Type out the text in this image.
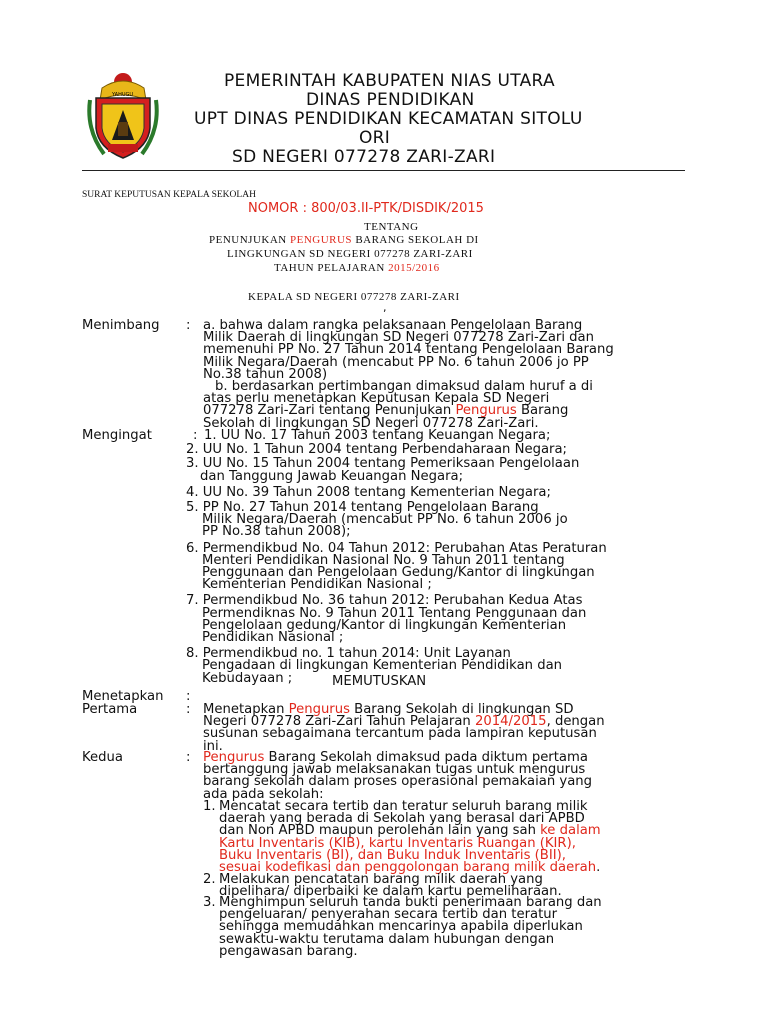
YAHUGU
PEMERINTAH KABUPATEN NIAS UTARA
DINAS PENDIDIKAN
UPT DINAS PENDIDIKAN KECAMATAN SITOLU
ORI
SD NEGERI 077278 ZARI-ZARI
SURAT KEPUTUSAN KEPALA SEKOLAH
NOMOR : 800/03.II-PTK/DISDIK/2015
TENTANG
PENUNJUKAN PENGURUS BARANG SEKOLAH DI
LINGKUNGAN SD NEGERI 077278 ZARI-ZARI
TAHUN PELAJARAN 2015/2016
KEPALA SD NEGERI 077278 ZARI-ZARI
,
Menimbang : a. bahwa dalam rangka pelaksanaan Pengelolaan Barang
Milik Daerah di lingkungan SD Negeri 077278 Zari-Zari dan
memenuhi PP No. 27 Tahun 2014 tentang Pengelolaan Barang
Milik Negara/Daerah (mencabut PP No. 6 tahun 2006 jo PP
No.38 tahun 2008)
b. berdasarkan pertimbangan dimaksud dalam huruf a di
atas perlu menetapkan Keputusan Kepala SD Negeri
077278 Zari-Zari tentang Penunjukan Pengurus Barang
Sekolah di lingkungan SD Negeri 077278 Zari-Zari.
Mengingat	: 1. UU No. 17 Tahun 2003 tentang Keuangan Negara;
2. UU No. 1 Tahun 2004 tentang Perbendaharaan Negara;
3. UU No. 15 Tahun 2004 tentang Pemeriksaan Pengelolaan
dan Tanggung Jawab Keuangan Negara;
4. UU No. 39 Tahun 2008 tentang Kementerian Negara;
5. PP No. 27 Tahun 2014 tentang Pengelolaan Barang
Milik Negara/Daerah (mencabut PP No. 6 tahun 2006 jo
PP No.38 tahun 2008);
6. Permendikbud No. 04 Tahun 2012: Perubahan Atas Peraturan
Menteri Pendidikan Nasional No. 9 Tahun 2011 tentang
Penggunaan dan Pengelolaan Gedung/Kantor di lingkungan
Kementerian Pendidikan Nasional ;
7. Permendikbud No. 36 tahun 2012: Perubahan Kedua Atas
Permendiknas No. 9 Tahun 2011 Tentang Penggunaan dan
Pengelolaan gedung/Kantor di lingkungan Kementerian
Pendidikan Nasional ;
8. Permendikbud no. 1 tahun 2014: Unit Layanan
Pengadaan di lingkungan Kementerian Pendidikan dan
Kebudayaan ;	MEMUTUSKAN
Menetapkan :
Pertama	: Menetapkan Pengurus Barang Sekolah di lingkungan SD
Negeri 077278 Zari-Zari Tahun Pelajaran 2014/2015, dengan
susunan sebagaimana tercantum pada lampiran keputusan
ini.
Kedua	: Pengurus Barang Sekolah dimaksud pada diktum pertama
bertanggung jawab melaksanakan tugas untuk mengurus
barang sekolah dalam proses operasional pemakaian yang
ada pada sekolah:
1. Mencatat secara tertib dan teratur seluruh barang milik
daerah yang berada di Sekolah yang berasal dari APBD
dan Non APBD maupun perolehan lain yang sah ke dalam
Kartu Inventaris (KIB), kartu Inventaris Ruangan (KIR),
Buku Inventaris (BI), dan Buku Induk Inventaris (BII),
sesuai kodefikasi dan penggolongan barang milik daerah.
2. Melakukan pencatatan barang milik daerah yang
dipelihara/ diperbaiki ke dalam kartu pemeliharaan.
3. Menghimpun seluruh tanda bukti penerimaan barang dan
pengeluaran/ penyerahan secara tertib dan teratur
sehingga memudahkan mencarinya apabila diperlukan
sewaktu-waktu terutama dalam hubungan dengan
pengawasan barang.
